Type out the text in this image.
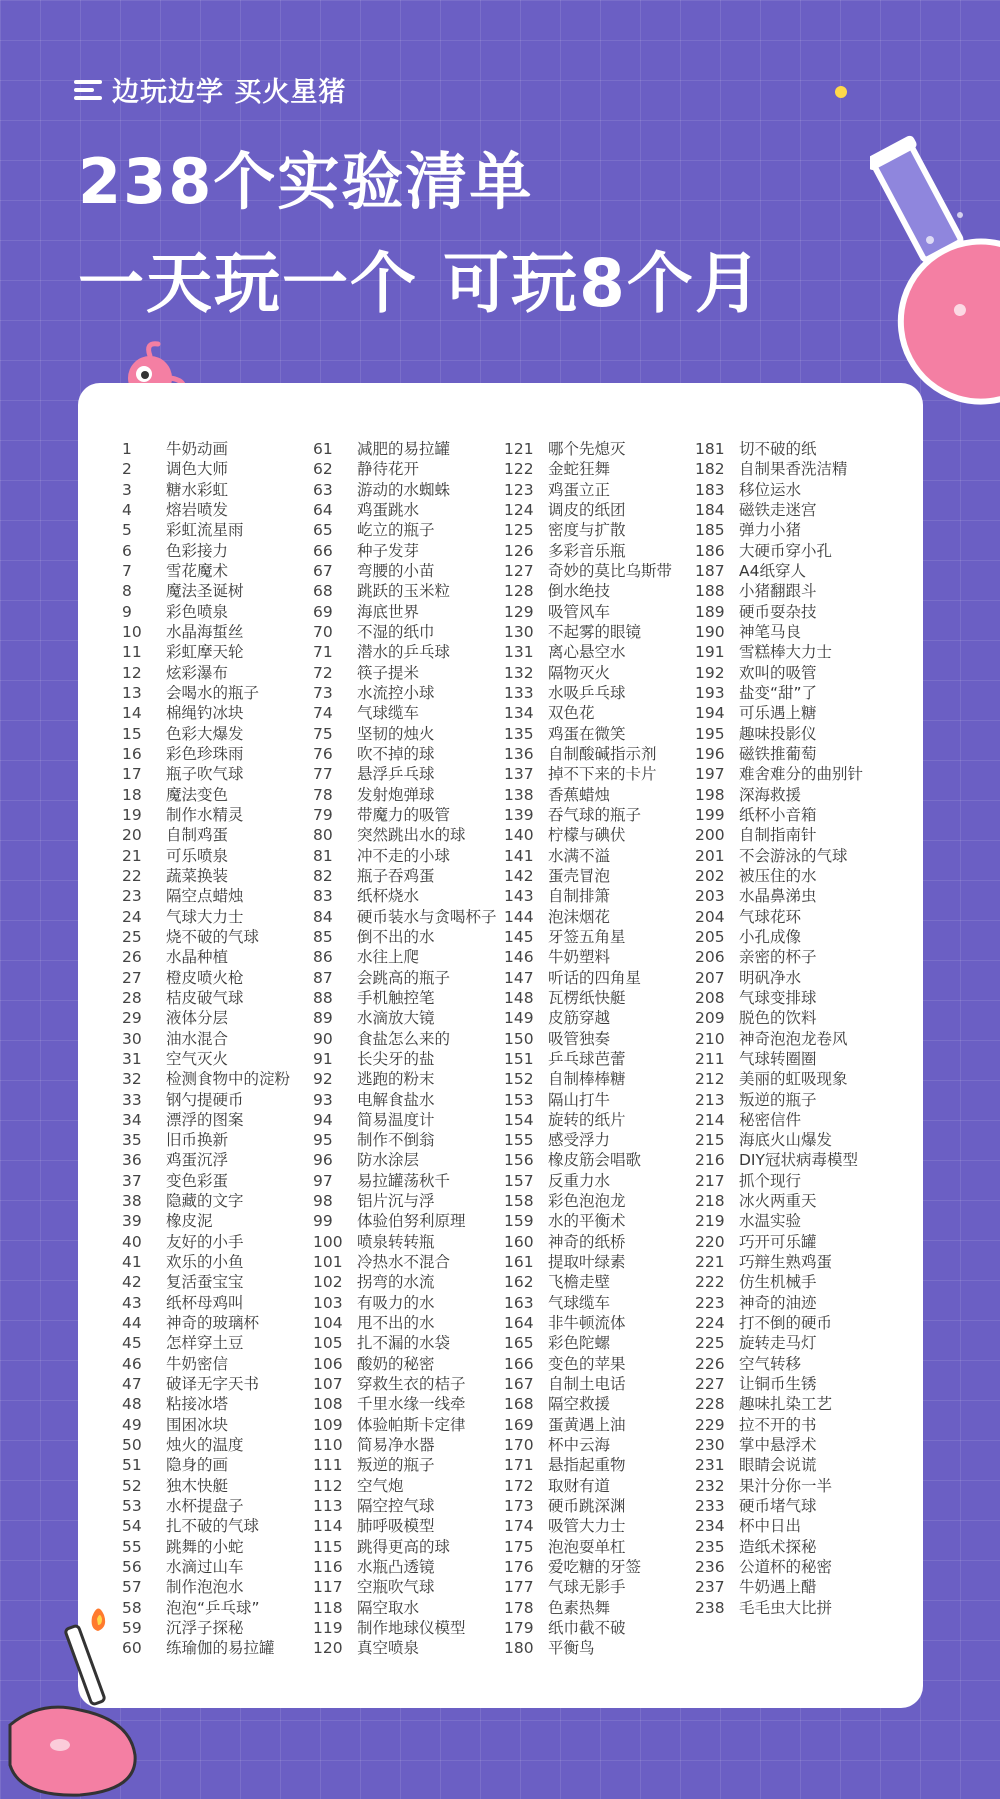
边玩边学 买火星猪
238个实验清单
一天玩一个 可玩8个月
1	牛奶动画
2	调色大师
3	糖水彩虹
4	熔岩喷发
5	彩虹流星雨
6	色彩接力
7	雪花魔术
8	魔法圣诞树
9	彩色喷泉
10	水晶海蜇丝
11	彩虹摩天轮
12	炫彩瀑布
13	会喝水的瓶子
14	棉绳钓冰块
15	色彩大爆发
16	彩色珍珠雨
17	瓶子吹气球
18	魔法变色
19	制作水精灵
20	自制鸡蛋
21	可乐喷泉
22	蔬菜换装
23	隔空点蜡烛
24	气球大力士
25	烧不破的气球
26	水晶种植
27	橙皮喷火枪
28	桔皮破气球
29	液体分层
30	油水混合
31	空气灭火
32	检测食物中的淀粉
33	钢勺提硬币
34	漂浮的图案
35	旧币换新
36	鸡蛋沉浮
37	变色彩蛋
38	隐藏的文字
39	橡皮泥
40	友好的小手
41	欢乐的小鱼
42	复活蚕宝宝
43	纸杯母鸡叫
44	神奇的玻璃杯
45	怎样穿土豆
46	牛奶密信
47	破译无字天书
48	粘接冰塔
49	围困冰块
50	烛火的温度
51	隐身的画
52	独木快艇
53	水杯提盘子
54	扎不破的气球
55	跳舞的小蛇
56	水滴过山车
57	制作泡泡水
58	泡泡“乒乓球”
59	沉浮子探秘
60	练瑜伽的易拉罐
61	减肥的易拉罐
62	静待花开
63	游动的水蜘蛛
64	鸡蛋跳水
65	屹立的瓶子
66	种子发芽
67	弯腰的小苗
68	跳跃的玉米粒
69	海底世界
70	不湿的纸巾
71	潜水的乒乓球
72	筷子提米
73	水流控小球
74	气球缆车
75	坚韧的烛火
76	吹不掉的球
77	悬浮乒乓球
78	发射炮弹球
79	带魔力的吸管
80	突然跳出水的球
81	冲不走的小球
82	瓶子吞鸡蛋
83	纸杯烧水
84	硬币装水与贪喝杯子
85	倒不出的水
86	水往上爬
87	会跳高的瓶子
88	手机触控笔
89	水滴放大镜
90	食盐怎么来的
91	长尖牙的盐
92	逃跑的粉末
93	电解食盐水
94	简易温度计
95	制作不倒翁
96	防水涂层
97	易拉罐荡秋千
98	铝片沉与浮
99	体验伯努利原理
100 喷泉转转瓶
101 冷热水不混合
102 拐弯的水流
103 有吸力的水
104 甩不出的水
105 扎不漏的水袋
106 酸奶的秘密
107 穿救生衣的桔子
108 千里水缘一线牵
109 体验帕斯卡定律
110 简易净水器
111 叛逆的瓶子
112 空气炮
113 隔空控气球
114 肺呼吸模型
115 跳得更高的球
116 水瓶凸透镜
117 空瓶吹气球
118 隔空取水
119 制作地球仪模型
120 真空喷泉
121 哪个先熄灭
122 金蛇狂舞
123 鸡蛋立正
124 调皮的纸团
125 密度与扩散
126 多彩音乐瓶
127 奇妙的莫比乌斯带
128 倒水绝技
129 吸管风车
130 不起雾的眼镜
131 离心悬空水
132 隔物灭火
133 水吸乒乓球
134 双色花
135 鸡蛋在微笑
136 自制酸碱指示剂
137 掉不下来的卡片
138 香蕉蜡烛
139 吞气球的瓶子
140 柠檬与碘伏
141 水满不溢
142 蛋壳冒泡
143 自制排箫
144 泡沫烟花
145 牙签五角星
146 牛奶塑料
147 听话的四角星
148 瓦楞纸快艇
149 皮筋穿越
150 吸管独奏
151 乒乓球芭蕾
152 自制棒棒糖
153 隔山打牛
154 旋转的纸片
155 感受浮力
156 橡皮筋会唱歌
157 反重力水
158 彩色泡泡龙
159 水的平衡术
160 神奇的纸桥
161 提取叶绿素
162 飞檐走壁
163 气球缆车
164 非牛顿流体
165 彩色陀螺
166 变色的苹果
167 自制土电话
168 隔空救援
169 蛋黄遇上油
170 杯中云海
171 悬指起重物
172 取财有道
173 硬币跳深渊
174 吸管大力士
175 泡泡耍单杠
176 爱吃糖的牙签
177 气球无影手
178 色素热舞
179 纸巾截不破
180 平衡鸟
181 切不破的纸
182 自制果香洗洁精
183 移位运水
184 磁铁走迷宫
185 弹力小猪
186 大硬币穿小孔
187 A4纸穿人
188 小猪翻跟斗
189 硬币耍杂技
190 神笔马良
191 雪糕棒大力士
192 欢叫的吸管
193 盐变“甜”了
194 可乐遇上糖
195 趣味投影仪
196 磁铁推葡萄
197 难舍难分的曲别针
198 深海救援
199 纸杯小音箱
200 自制指南针
201 不会游泳的气球
202 被压住的水
203 水晶鼻涕虫
204 气球花环
205 小孔成像
206 亲密的杯子
207 明矾净水
208 气球变排球
209 脱色的饮料
210 神奇泡泡龙卷风
211 气球转圈圈
212 美丽的虹吸现象
213 叛逆的瓶子
214 秘密信件
215 海底火山爆发
216 DIY冠状病毒模型
217 抓个现行
218 冰火两重天
219 水温实验
220 巧开可乐罐
221 巧辩生熟鸡蛋
222 仿生机械手
223 神奇的油迹
224 打不倒的硬币
225 旋转走马灯
226 空气转移
227 让铜币生锈
228 趣味扎染工艺
229 拉不开的书
230 掌中悬浮术
231 眼睛会说谎
232 果汁分你一半
233 硬币堵气球
234 杯中日出
235 造纸术探秘
236 公道杯的秘密
237 牛奶遇上醋
238 毛毛虫大比拼
